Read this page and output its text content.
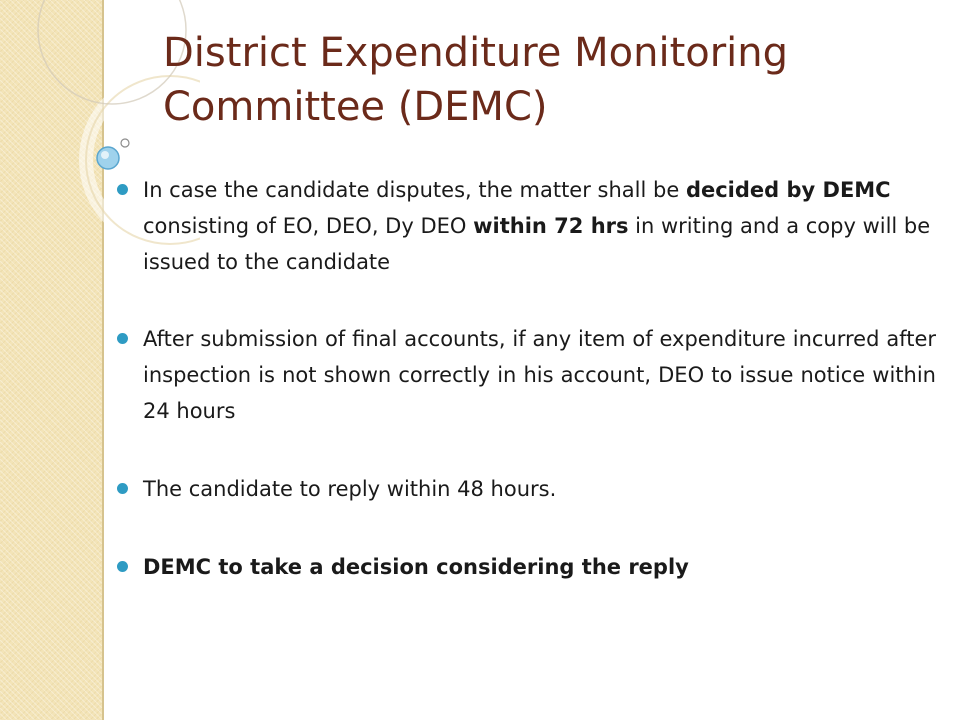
District Expenditure Monitoring Committee (DEMC)
In case the candidate disputes, the matter shall be decided by DEMC consisting of EO, DEO, Dy DEO within 72 hrs in writing and a copy will be issued to the candidate
After submission of final accounts, if any item of expenditure incurred after inspection is not shown correctly in his account, DEO to issue notice within 24 hours
The candidate to reply within 48 hours.
DEMC to take a decision considering the reply
